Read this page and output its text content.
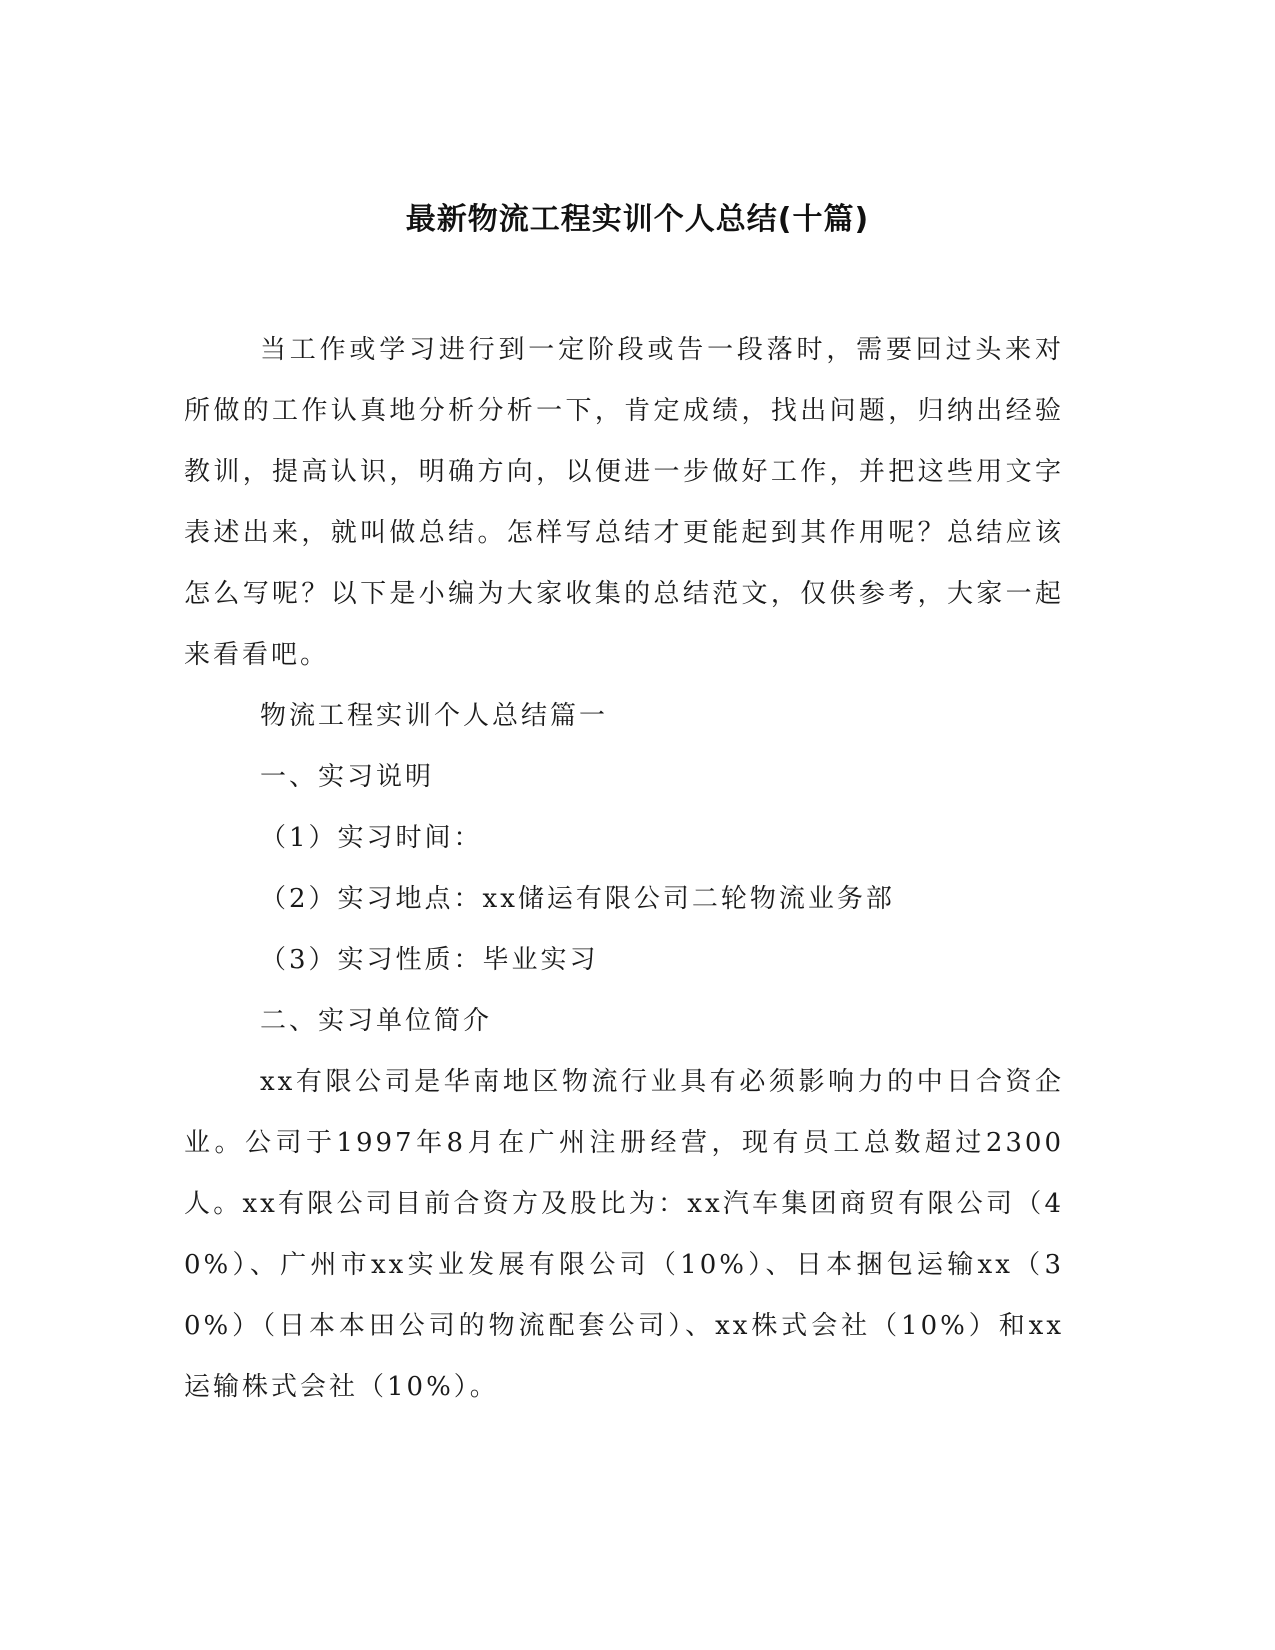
最新物流工程实训个人总结(十篇)

当工作或学习进行到一定阶段或告一段落时，需要回过头来对所做的工作认真地分析分析一下，肯定成绩，找出问题，归纳出经验教训，提高认识，明确方向，以便进一步做好工作，并把这些用文字表述出来，就叫做总结。怎样写总结才更能起到其作用呢？总结应该怎么写呢？以下是小编为大家收集的总结范文，仅供参考，大家一起来看看吧。

物流工程实训个人总结篇一

一、实习说明

（1）实习时间：

（2）实习地点：xx储运有限公司二轮物流业务部

（3）实习性质：毕业实习

二、实习单位简介

xx有限公司是华南地区物流行业具有必须影响力的中日合资企业。公司于1997年8月在广州注册经营，现有员工总数超过2300人。xx有限公司目前合资方及股比为：xx汽车集团商贸有限公司（40%）、广州市xx实业发展有限公司（10%）、日本捆包运输xx（30%）（日本本田公司的物流配套公司）、xx株式会社（10%）和xx运输株式会社（10%）。
